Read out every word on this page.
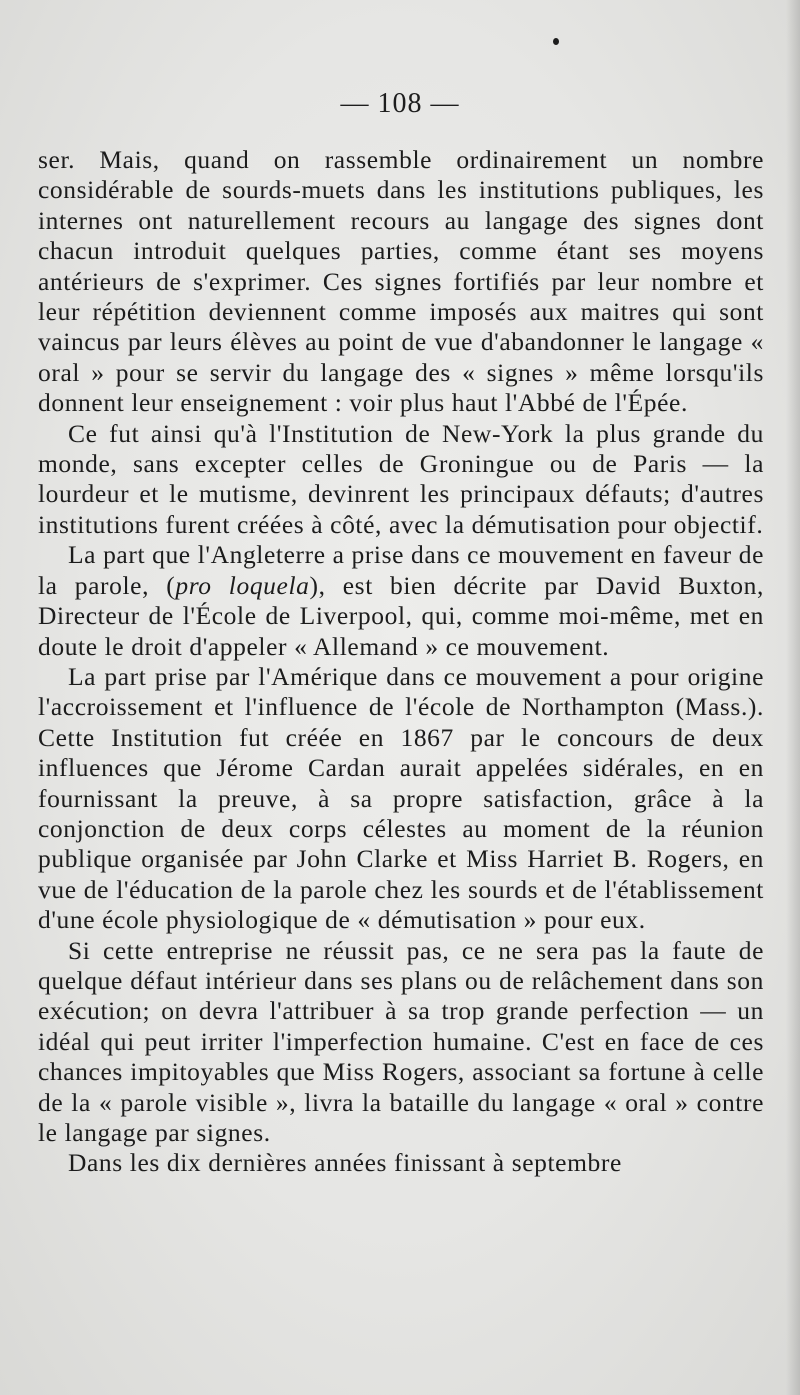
— 108 —

ser. Mais, quand on rassemble ordinairement un nombre considérable de sourds-muets dans les institutions publiques, les internes ont naturellement recours au langage des signes dont chacun introduit quelques parties, comme étant ses moyens antérieurs de s'exprimer. Ces signes fortifiés par leur nombre et leur répétition deviennent comme imposés aux maitres qui sont vaincus par leurs élèves au point de vue d'abandonner le langage « oral » pour se servir du langage des « signes » même lorsqu'ils donnent leur enseignement : voir plus haut l'Abbé de l'Épée.

Ce fut ainsi qu'à l'Institution de New-York la plus grande du monde, sans excepter celles de Groningue ou de Paris — la lourdeur et le mutisme, devinrent les principaux défauts; d'autres institutions furent créées à côté, avec la démutisation pour objectif.

La part que l'Angleterre a prise dans ce mouvement en faveur de la parole, (pro loquela), est bien décrite par David Buxton, Directeur de l'École de Liverpool, qui, comme moi-même, met en doute le droit d'appeler « Allemand » ce mouvement.

La part prise par l'Amérique dans ce mouvement a pour origine l'accroissement et l'influence de l'école de Northampton (Mass.). Cette Institution fut créée en 1867 par le concours de deux influences que Jérome Cardan aurait appelées sidérales, en en fournissant la preuve, à sa propre satisfaction, grâce à la conjonction de deux corps célestes au moment de la réunion publique organisée par John Clarke et Miss Harriet B. Rogers, en vue de l'éducation de la parole chez les sourds et de l'établissement d'une école physiologique de « démutisation » pour eux.

Si cette entreprise ne réussit pas, ce ne sera pas la faute de quelque défaut intérieur dans ses plans ou de relâchement dans son exécution; on devra l'attribuer à sa trop grande perfection — un idéal qui peut irriter l'imperfection humaine. C'est en face de ces chances impitoyables que Miss Rogers, associant sa fortune à celle de la « parole visible », livra la bataille du langage « oral » contre le langage par signes.

Dans les dix dernières années finissant à septembre
